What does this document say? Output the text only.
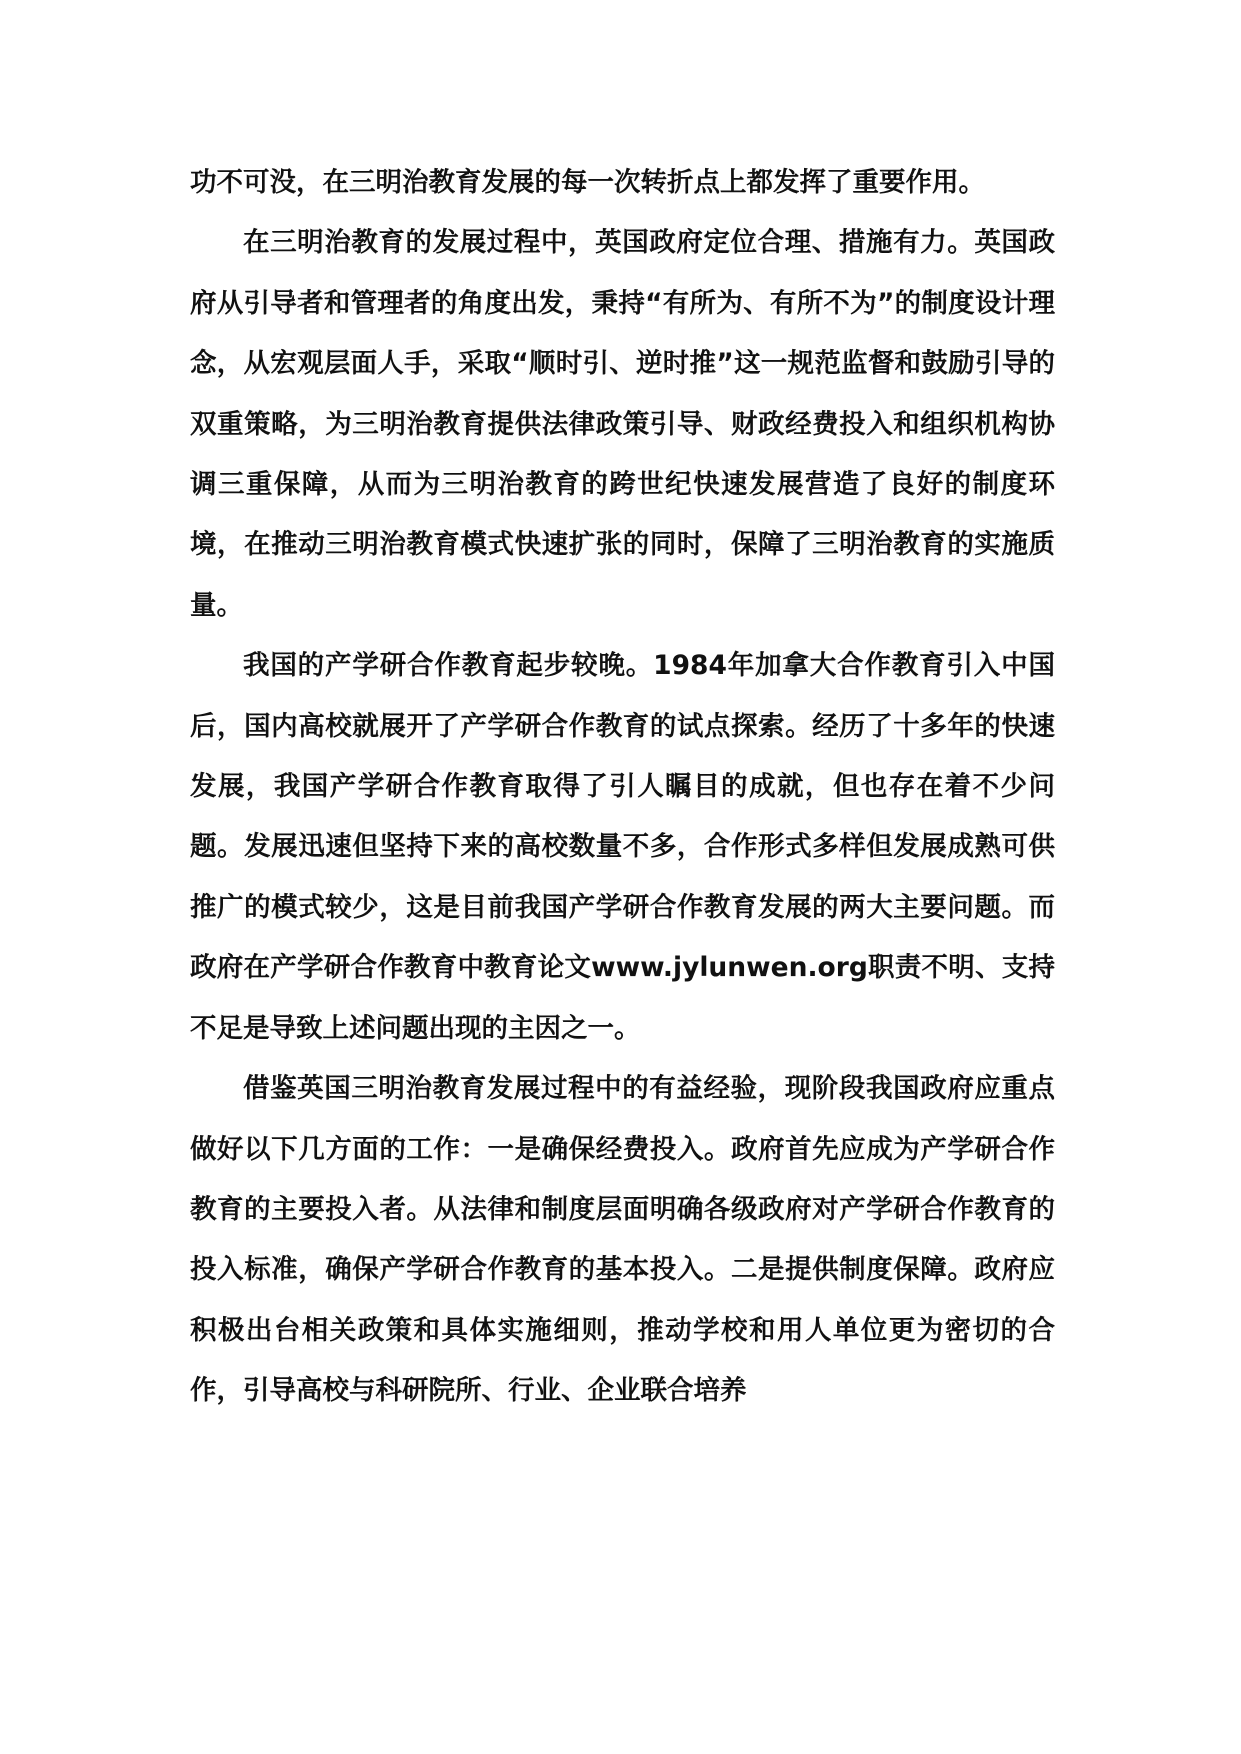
功不可没，在三明治教育发展的每一次转折点上都发挥了重要作用。

在三明治教育的发展过程中，英国政府定位合理、措施有力。英国政府从引导者和管理者的角度出发，秉持“有所为、有所不为”的制度设计理念，从宏观层面人手，采取“顺时引、逆时推”这一规范监督和鼓励引导的双重策略，为三明治教育提供法律政策引导、财政经费投入和组织机构协调三重保障，从而为三明治教育的跨世纪快速发展营造了良好的制度环境，在推动三明治教育模式快速扩张的同时，保障了三明治教育的实施质量。

我国的产学研合作教育起步较晚。1984年加拿大合作教育引入中国后，国内高校就展开了产学研合作教育的试点探索。经历了十多年的快速发展，我国产学研合作教育取得了引人瞩目的成就，但也存在着不少问题。发展迅速但坚持下来的高校数量不多，合作形式多样但发展成熟可供推广的模式较少，这是目前我国产学研合作教育发展的两大主要问题。而政府在产学研合作教育中教育论文www.jylunwen.org职责不明、支持不足是导致上述问题出现的主因之一。

借鉴英国三明治教育发展过程中的有益经验，现阶段我国政府应重点做好以下几方面的工作：一是确保经费投入。政府首先应成为产学研合作教育的主要投入者。从法律和制度层面明确各级政府对产学研合作教育的投入标准，确保产学研合作教育的基本投入。二是提供制度保障。政府应积极出台相关政策和具体实施细则，推动学校和用人单位更为密切的合作，引导高校与科研院所、行业、企业联合培养
